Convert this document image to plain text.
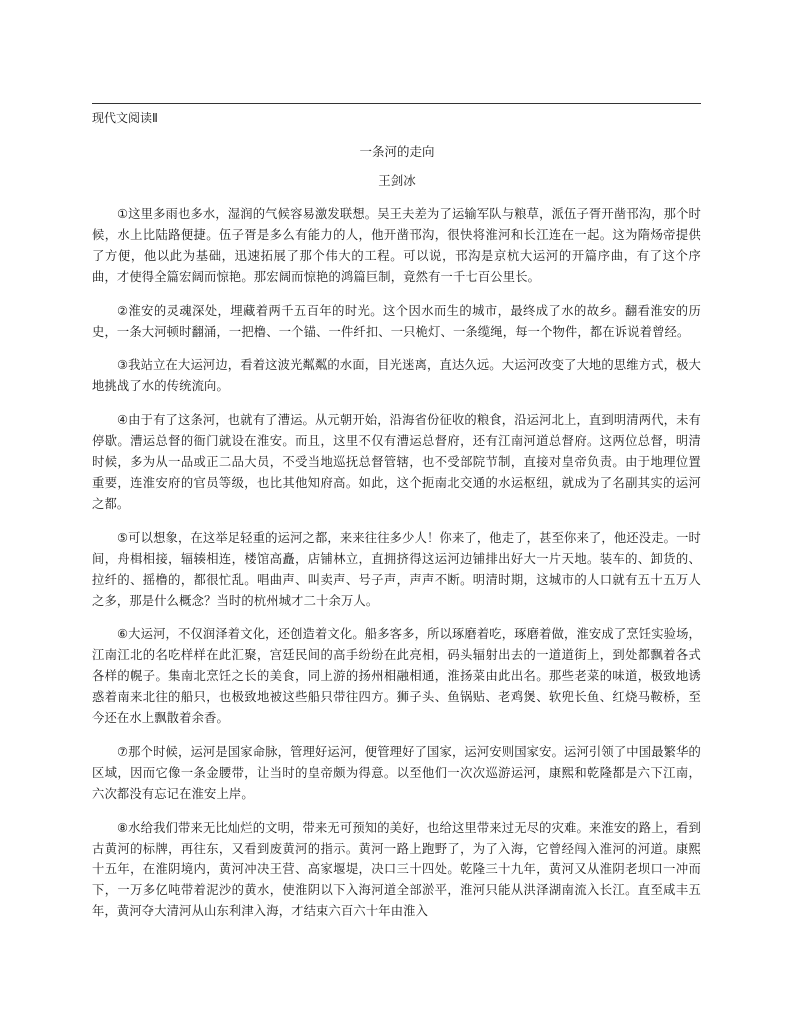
现代文阅读Ⅱ
一条河的走向
王剑冰

①这里多雨也多水，湿润的气候容易激发联想。吴王夫差为了运输军队与粮草，派伍子胥开凿邗沟，那个时候，水上比陆路便捷。伍子胥是多么有能力的人，他开凿邗沟，很快将淮河和长江连在一起。这为隋炀帝提供了方便，他以此为基础，迅速拓展了那个伟大的工程。可以说，邗沟是京杭大运河的开篇序曲，有了这个序曲，才使得全篇宏阔而惊艳。那宏阔而惊艳的鸿篇巨制，竟然有一千七百公里长。

②淮安的灵魂深处，埋藏着两千五百年的时光。这个因水而生的城市，最终成了水的故乡。翻看淮安的历史，一条大河顿时翻涌，一把橹、一个锚、一件纤扣、一只桅灯、一条缆绳，每一个物件，都在诉说着曾经。

③我站立在大运河边，看着这波光粼粼的水面，目光迷离，直达久远。大运河改变了大地的思维方式，极大地挑战了水的传统流向。

④由于有了这条河，也就有了漕运。从元朝开始，沿海省份征收的粮食，沿运河北上，直到明清两代，未有停歇。漕运总督的衙门就设在淮安。而且，这里不仅有漕运总督府，还有江南河道总督府。这两位总督，明清时候，多为从一品或正二品大员，不受当地巡抚总督管辖，也不受部院节制，直接对皇帝负责。由于地理位置重要，连淮安府的官员等级，也比其他知府高。如此，这个扼南北交通的水运枢纽，就成为了名副其实的运河之都。

⑤可以想象，在这举足轻重的运河之都，来来往往多少人！你来了，他走了，甚至你来了，他还没走。一时间，舟楫相接，辐辏相连，楼馆高矗，店铺林立，直拥挤得这运河边铺排出好大一片天地。装车的、卸货的、拉纤的、摇橹的，都很忙乱。唱曲声、叫卖声、号子声，声声不断。明清时期，这城市的人口就有五十五万人之多，那是什么概念？当时的杭州城才二十余万人。

⑥大运河，不仅润泽着文化，还创造着文化。船多客多，所以琢磨着吃，琢磨着做，淮安成了烹饪实验场，江南江北的名吃样样在此汇聚，宫廷民间的高手纷纷在此亮相，码头辐射出去的一道道街上，到处都飘着各式各样的幌子。集南北烹饪之长的美食，同上游的扬州相融相通，淮扬菜由此出名。那些老菜的味道，极致地诱惑着南来北往的船只，也极致地被这些船只带往四方。狮子头、鱼锅贴、老鸡煲、软兜长鱼、红烧马鞍桥，至今还在水上飘散着余香。

⑦那个时候，运河是国家命脉，管理好运河，便管理好了国家，运河安则国家安。运河引领了中国最繁华的区域，因而它像一条金腰带，让当时的皇帝颇为得意。以至他们一次次巡游运河，康熙和乾隆都是六下江南，六次都没有忘记在淮安上岸。

⑧水给我们带来无比灿烂的文明，带来无可预知的美好，也给这里带来过无尽的灾难。来淮安的路上，看到古黄河的标牌，再往东，又看到废黄河的指示。黄河一路上跑野了，为了入海，它曾经闯入淮河的河道。康熙十五年，在淮阴境内，黄河冲决王营、高家堰堤，决口三十四处。乾隆三十九年，黄河又从淮阴老坝口一冲而下，一万多亿吨带着泥沙的黄水，使淮阴以下入海河道全部淤平，淮河只能从洪泽湖南流入长江。直至咸丰五年，黄河夺大清河从山东利津入海，才结束六百六十年由淮入
